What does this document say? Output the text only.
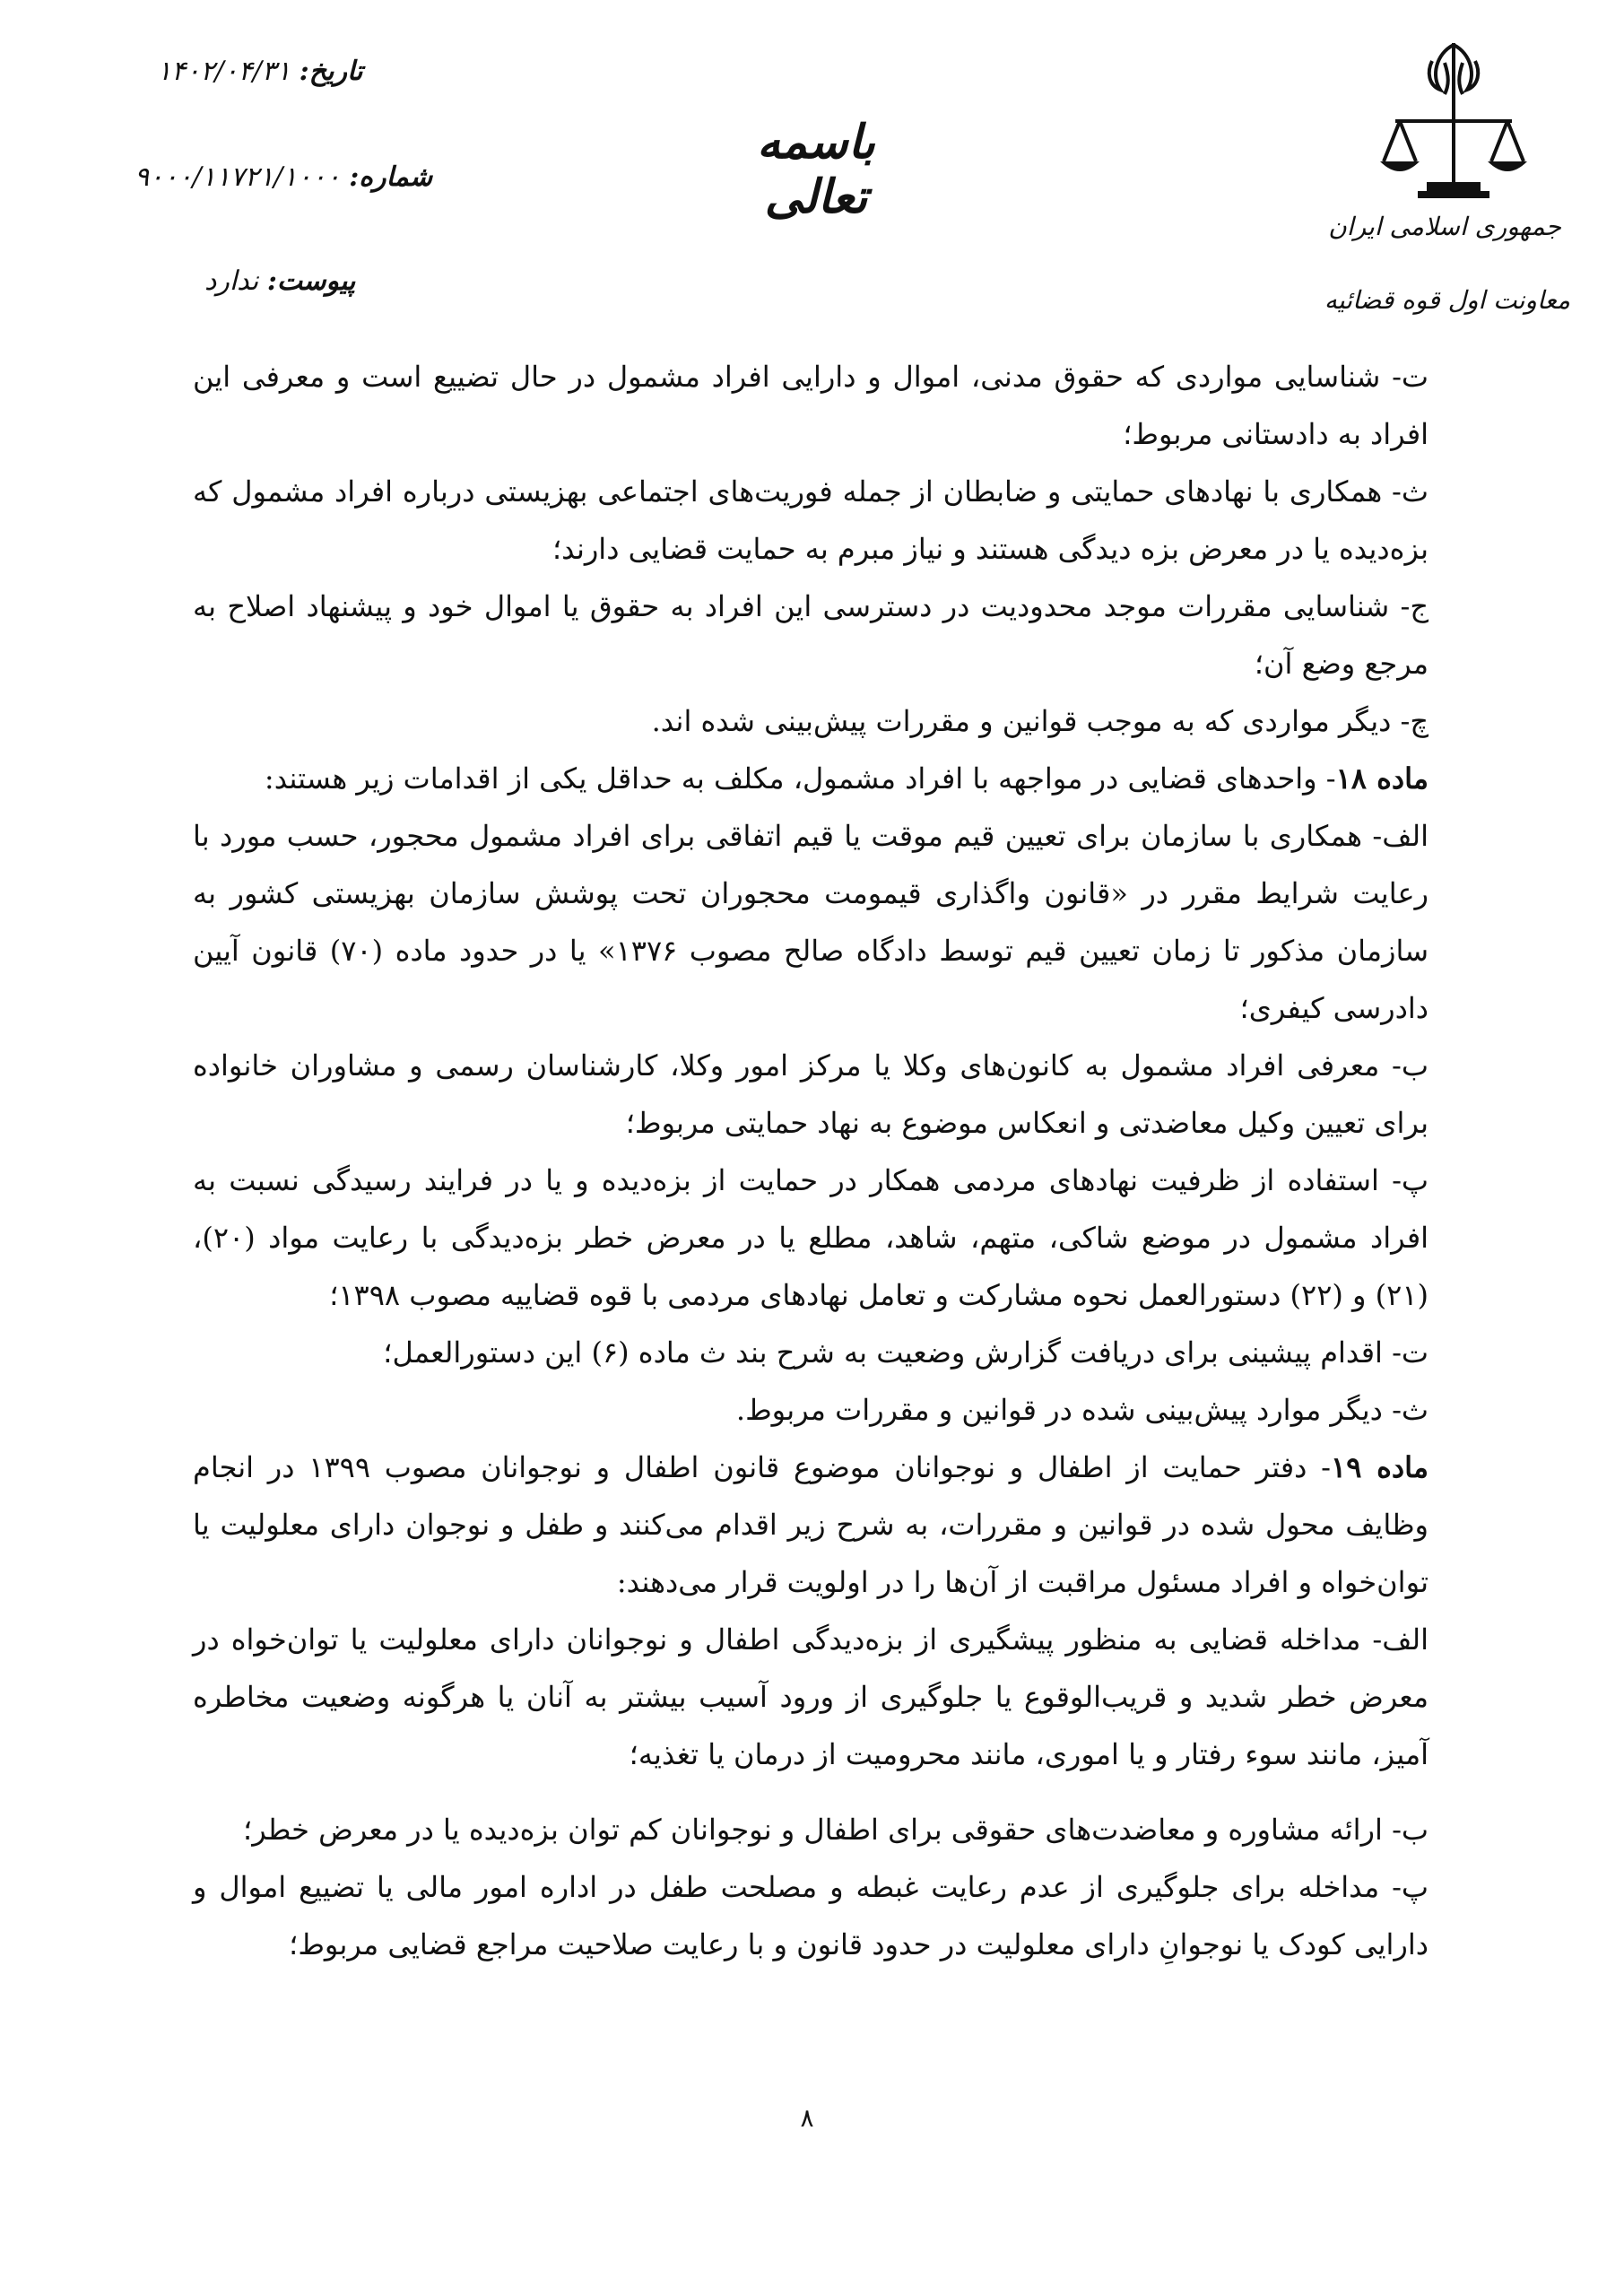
جمهوری اسلامی ایران
معاونت اول قوه قضائیه
باسمه تعالی
تاریخ: ۱۴۰۲/۰۴/۳۱
شماره: ۹۰۰۰/۱۱۷۲۱/۱۰۰۰
پیوست: ندارد

ت- شناسایی مواردی که حقوق مدنی، اموال و دارایی افراد مشمول در حال تضییع است و معرفی این افراد به دادستانی مربوط؛

ث- همکاری با نهادهای حمایتی و ضابطان از جمله فوریت‌های اجتماعی بهزیستی درباره افراد مشمول که بزه‌دیده یا در معرض بزه دیدگی هستند و نیاز مبرم به حمایت قضایی دارند؛

ج- شناسایی مقررات موجد محدودیت در دسترسی این افراد به حقوق یا اموال خود و پیشنهاد اصلاح به مرجع وضع آن؛

چ- دیگر مواردی که به موجب قوانین و مقررات پیش‌بینی شده اند.

ماده ۱۸- واحدهای قضایی در مواجهه با افراد مشمول، مکلف به حداقل یکی از اقدامات زیر هستند:

الف- همکاری با سازمان برای تعیین قیم موقت یا قیم اتفاقی برای افراد مشمول محجور، حسب مورد با رعایت شرایط مقرر در «قانون واگذاری قیمومت محجوران تحت پوشش سازمان بهزیستی کشور به سازمان مذکور تا زمان تعیین قیم توسط دادگاه صالح مصوب ۱۳۷۶» یا در حدود ماده (۷۰) قانون آیین دادرسی کیفری؛

ب- معرفی افراد مشمول به کانون‌های وکلا یا مرکز امور وکلا، کارشناسان رسمی و مشاوران خانواده برای تعیین وکیل معاضدتی و انعکاس موضوع به نهاد حمایتی مربوط؛

پ- استفاده از ظرفیت نهادهای مردمی همکار در حمایت از بزه‌دیده و یا در فرایند رسیدگی نسبت به افراد مشمول در موضع شاکی، متهم، شاهد، مطلع یا در معرض خطر بزه‌دیدگی با رعایت مواد (۲۰)، (۲۱) و (۲۲) دستورالعمل نحوه مشارکت و تعامل نهادهای مردمی با قوه قضاییه مصوب ۱۳۹۸؛

ت- اقدام پیشینی برای دریافت گزارش وضعیت به شرح بند ث ماده (۶) این دستورالعمل؛

ث- دیگر موارد پیش‌بینی شده در قوانین و مقررات مربوط.

ماده ۱۹- دفتر حمایت از اطفال و نوجوانان موضوع قانون اطفال و نوجوانان مصوب ۱۳۹۹ در انجام وظایف محول شده در قوانین و مقررات، به شرح زیر اقدام می‌کنند و طفل و نوجوان دارای معلولیت یا توان‌خواه و افراد مسئول مراقبت از آن‌ها را در اولویت قرار می‌دهند:

الف- مداخله قضایی به منظور پیشگیری از بزه‌دیدگی اطفال و نوجوانان دارای معلولیت یا توان‌خواه در معرض خطر شدید و قریب‌الوقوع یا جلوگیری از ورود آسیب بیشتر به آنان یا هرگونه وضعیت مخاطره آمیز، مانند سوء رفتار و یا اموری، مانند محرومیت از درمان یا تغذیه؛

ب- ارائه مشاوره و معاضدت‌های حقوقی برای اطفال و نوجوانان کم توان بزه‌دیده یا در معرض خطر؛

پ- مداخله برای جلوگیری از عدم رعایت غبطه و مصلحت طفل در اداره امور مالی یا تضییع اموال و دارایی کودک یا نوجوانِ دارای معلولیت در حدود قانون و با رعایت صلاحیت مراجع قضایی مربوط؛

۸
